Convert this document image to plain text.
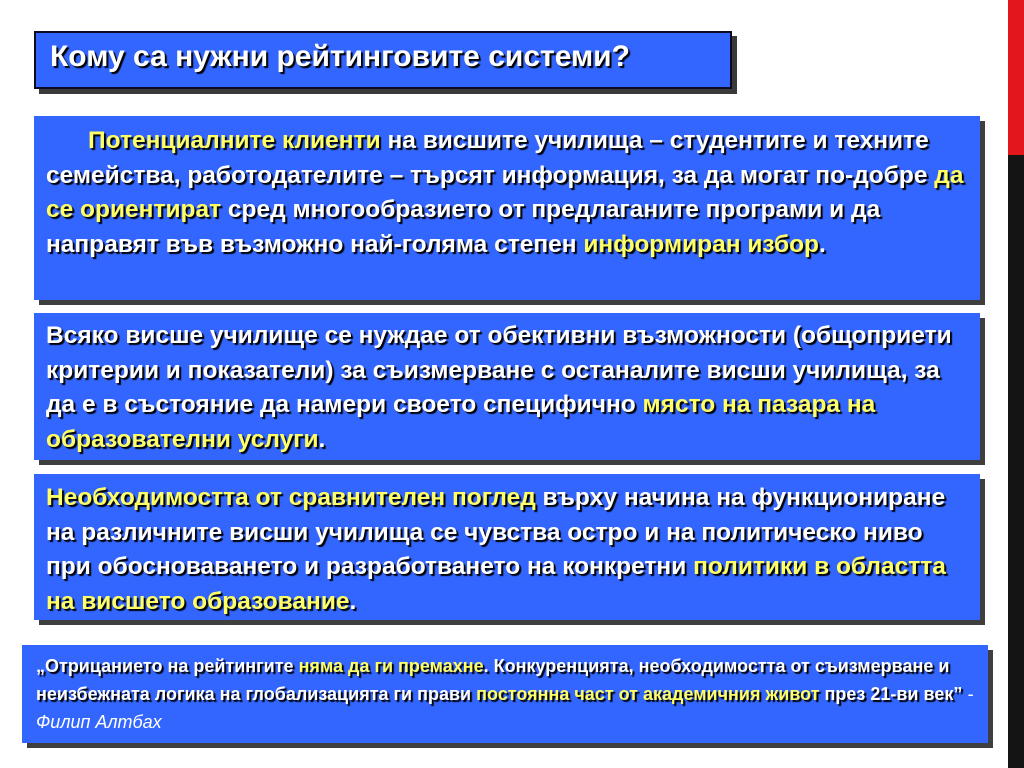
Кому са нужни рейтинговите системи?

Потенциалните клиенти на висшите училища – студентите и техните семейства, работодателите – търсят информация, за да могат по-добре да се ориентират сред многообразието от предлаганите програми и да направят във възможно най-голяма степен информиран избор.

Всяко висше училище се нуждае от обективни възможности (общоприети критерии и показатели) за съизмерване с останалите висши училища, за да е в състояние да намери своето специфично място на пазара на образователни услуги.

Необходимостта от сравнителен поглед върху начина на функциониране на различните висши училища се чувства остро и на политическо ниво при обосноваването и разработването на конкретни политики в областта на висшето образование.

„Отрицанието на рейтингите няма да ги премахне. Конкуренцията, необходимостта от съизмерване и неизбежната логика на глобализацията ги прави постоянна част от академичния живот през 21-ви век” - Филип Алтбах
